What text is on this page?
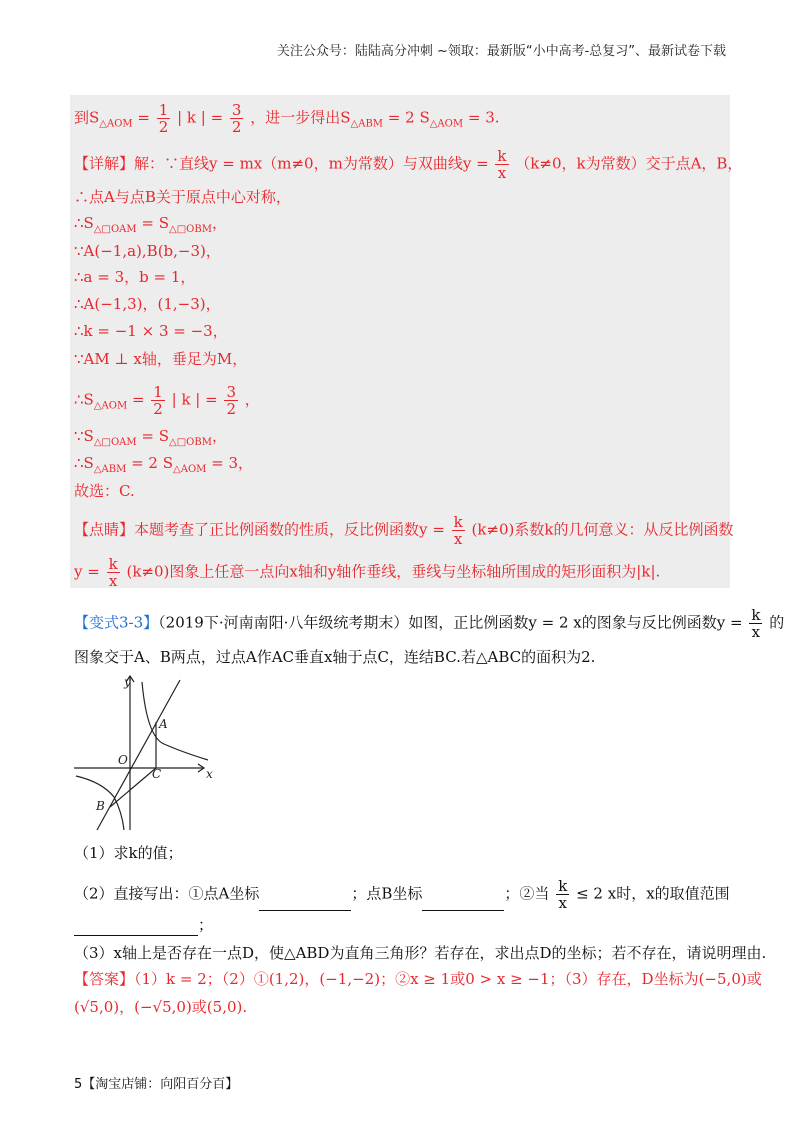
关注公众号：陆陆高分冲刺 ~领取：最新版“小中高考-总复习”、最新试卷下载
到$S_{\triangle AOM} = \frac{1}{2}$ | k | = $\frac{3}{2}$ ，进一步得出$S_{\triangle ABM} = 2$ $S_{\triangle AOM} = 3$.
【详解】解：∵直线y = mx（m≠0，m为常数）与双曲线$y = \frac{k}{x} (k\ne 0$，k为常数）交于点A，B，
∴点A与点B关于原点中心对称，
$\therefore S_{\triangle□OAM} = S_{\triangle□OBM}$，
∵A(−1,a),B(b,−3)，
∴a = 3，b = 1，
∴A(−1,3)，(1,−3)，
∴k = −1 × 3 = −3，
∵AM ⊥ x轴，垂足为M，
$\therefore S_{\triangle AOM} = \frac{1}{2}$ | k | = $\frac{3}{2}$ ，
$\because S_{\triangle□OAM} = S_{\triangle□OBM}$，
$\therefore S_{\triangle ABM} = 2$ $S_{\triangle AOM} = 3$，
故选：C.
【点睛】本题考查了正比例函数的性质，反比例函数$y = \frac{k}{x} (k\ne 0)$系数k的几何意义：从反比例函数
$y = \frac{k}{x} (k\ne 0)$图象上任意一点向x轴和y轴作垂线，垂线与坐标轴所围成的矩形面积为|k|.
【变式3-3】（2019下·河南南阳·八年级统考期末）如图，正比例函数y = 2 x的图象与反比例函数$y = \frac{k}{x}$ 的
图象交于A、B两点，过点A作AC垂直x轴于点C，连结BC.若△ABC的面积为2.
y
x
O
A
B
C
（1）求k的值；
（2）直接写出：①点A坐标	；点B坐标	；②当 $\frac{k}{x} \le 2$ x时，x的取值范围
；
（3）x轴上是否存在一点D，使△ABD为直角三角形？若存在，求出点D的坐标；若不存在，请说明理由.
【答案】（1）k = 2；（2）①(1,2)，(−1,−2)；②x ≥ 1或0 > x ≥ −1；（3）存在，D坐标为(−5,0)或
(√5,0)，(−√5,0)或(5,0).
5【淘宝店铺：向阳百分百】
